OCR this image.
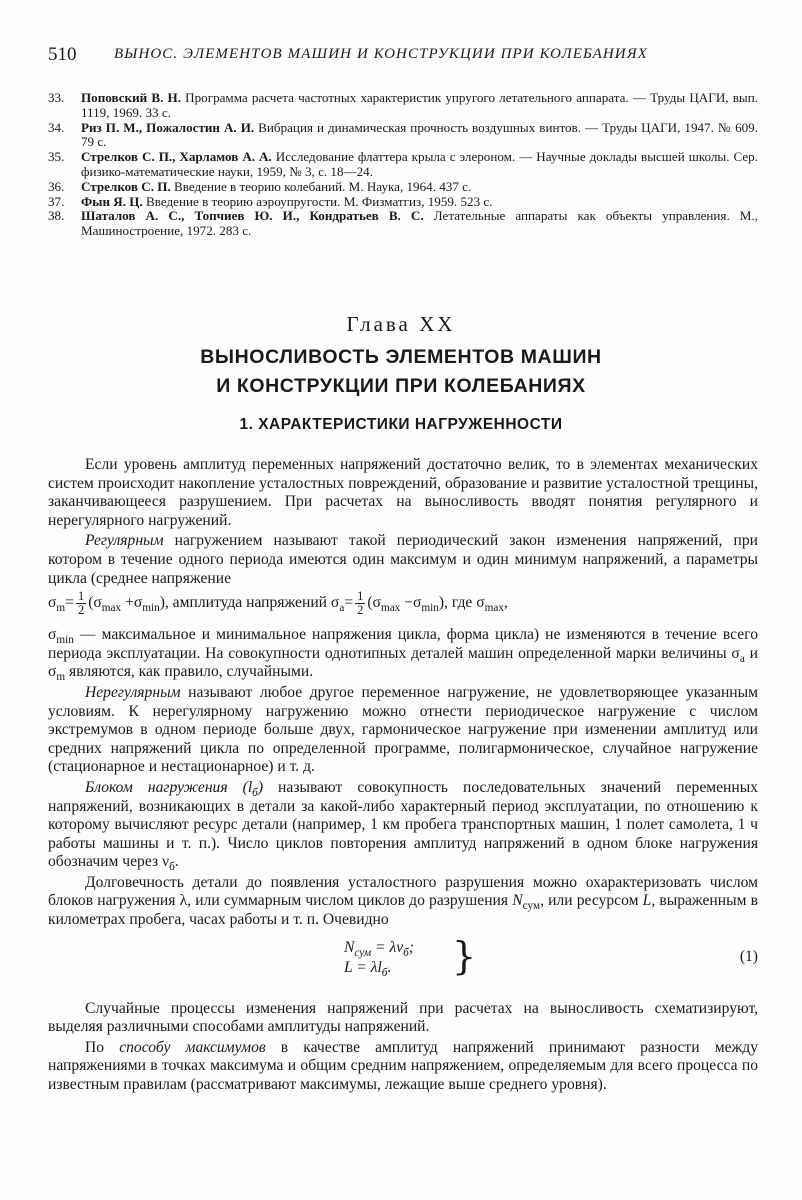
510	ВЫНОС. ЭЛЕМЕНТОВ МАШИН И КОНСТРУКЦИИ ПРИ КОЛЕБАНИЯХ
33. Поповский В. Н. Программа расчета частотных характеристик упругого летательного аппарата. — Труды ЦАГИ, вып. 1119, 1969. 33 с.
34. Риз П. М., Пожалостин А. И. Вибрация и динамическая прочность воздушных винтов. — Труды ЦАГИ, 1947. № 609. 79 с.
35. Стрелков С. П., Харламов А. А. Исследование флаттера крыла с элероном. — Научные доклады высшей школы. Сер. физико-математические науки, 1959, № 3, с. 18—24.
36. Стрелков С. П. Введение в теорию колебаний. М. Наука, 1964. 437 с.
37. Фын Я. Ц. Введение в теорию аэроупругости. М. Физматгиз, 1959. 523 с.
38. Шаталов А. С., Топчиев Ю. И., Кондратьев В. С. Летательные аппараты как объекты управления. М., Машиностроение, 1972. 283 с.
Глава XX
ВЫНОСЛИВОСТЬ ЭЛЕМЕНТОВ МАШИН
И КОНСТРУКЦИИ ПРИ КОЛЕБАНИЯХ
1. ХАРАКТЕРИСТИКИ НАГРУЖЕННОСТИ

Если уровень амплитуд переменных напряжений достаточно велик, то в элементах механических систем происходит накопление усталостных повреждений, образование и развитие усталостной трещины, заканчивающееся разрушением. При расчетах на выносливость вводят понятия регулярного и нерегулярного нагружений.

Регулярным нагружением называют такой периодический закон изменения напряжений, при котором в течение одного периода имеются один максимум и один минимум напряжений, а параметры цикла (среднее напряжение

$\sigma_m= \frac{1}{2} (\sigma_{max} +\sigma_{min})$, амплитуда напряжений $\sigma_a= \frac{1}{2} (\sigma_{max} -\sigma_{min})$, где $\sigma_{max}$,

$\sigma_{min}$ — максимальное и минимальное напряжения цикла, форма цикла) не изменяются в течение всего периода эксплуатации. На совокупности однотипных деталей машин определенной марки величины $\sigma_a$ и $\sigma_m$ являются, как правило, случайными.

Нерегулярным называют любое другое переменное нагружение, не удовлетворяющее указанным условиям. К нерегулярному нагружению можно отнести периодическое нагружение с числом экстремумов в одном периоде больше двух, гармоническое нагружение при изменении амплитуд или средних напряжений цикла по определенной программе, полигармоническое, случайное нагружение (стационарное и нестационарное) и т. д.

Блоком нагружения $(l_б)$ называют совокупность последовательных значений переменных напряжений, возникающих в детали за какой-либо характерный период эксплуатации, по отношению к которому вычисляют ресурс детали (например, 1 км пробега транспортных машин, 1 полет самолета, 1 ч работы машины и т. п.). Число циклов повторения амплитуд напряжений в одном блоке нагружения обозначим через $\nu_б$.

Долговечность детали до появления усталостного разрушения можно охарактеризовать числом блоков нагружения λ, или суммарным числом циклов до разрушения $N_{сум}$, или ресурсом L, выраженным в километрах пробега, часах работы и т. п. Очевидно

$N_{сум} = \lambda\nu_б$;
$L = \lambda l_б$.	}	(1)

Случайные процессы изменения напряжений при расчетах на выносливость схематизируют, выделяя различными способами амплитуды напряжений.

По способу максимумов в качестве амплитуд напряжений принимают разности между напряжениями в точках максимума и общим средним напряжением, определяемым для всего процесса по известным правилам (рассматривают максимумы, лежащие выше среднего уровня).
